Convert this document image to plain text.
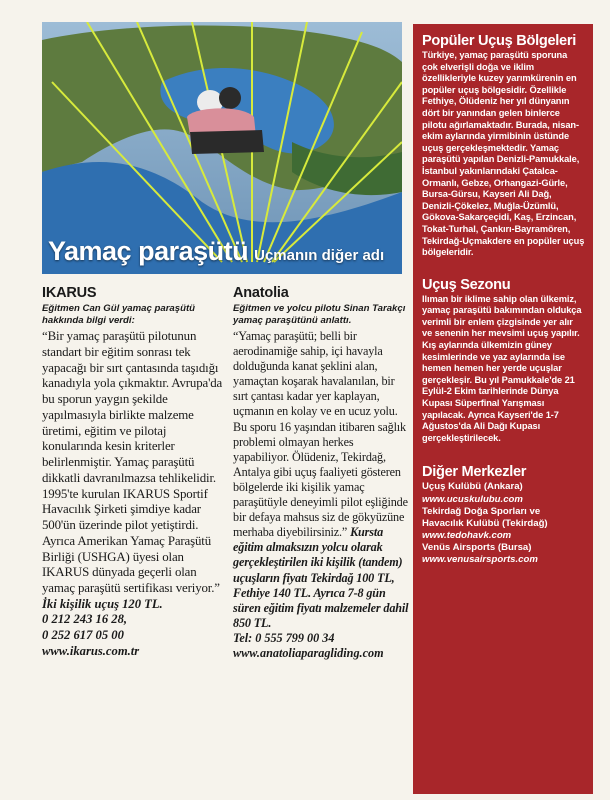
Yamaç paraşütü Uçmanın diğer adı
IKARUS
Eğitmen Can Gül yamaç paraşütü hakkında bilgi verdi:
“Bir yamaç paraşütü pilotunun standart bir eğitim sonrası tek yapacağı bir sırt çantasında taşıdığı kanadıyla yola çıkmaktır. Avrupa'da bu sporun yaygın şekilde yapılmasıyla birlikte malzeme üretimi, eğitim ve pilotaj konularında kesin kriterler belirlenmiştir. Yamaç paraşütü dikkatli davranılmazsa tehlikelidir. 1995'te kurulan IKARUS Sportif Havacılık Şirketi şimdiye kadar 500'ün üzerinde pilot yetiştirdi. Ayrıca Amerikan Yamaç Paraşütü Birliği (USHGA) üyesi olan IKARUS dünyada geçerli olan yamaç paraşütü sertifikası veriyor.”
İki kişilik uçuş 120 TL.
0 212 243 16 28,
0 252 617 05 00
www.ikarus.com.tr
Anatolia
Eğitmen ve yolcu pilotu Sinan Tarakçı yamaç paraşütünü anlattı.
“Yamaç paraşütü; belli bir aerodinamiğe sahip, içi havayla dolduğunda kanat şeklini alan, yamaçtan koşarak havalanılan, bir sırt çantası kadar yer kaplayan, uçmanın en kolay ve en ucuz yolu. Bu sporu 16 yaşından itibaren sağlık problemi olmayan herkes yapabiliyor. Ölüdeniz, Tekirdağ, Antalya gibi uçuş faaliyeti gösteren bölgelerde iki kişilik yamaç paraşütüyle deneyimli pilot eşliğinde bir defaya mahsus siz de gökyüzüne merhaba diyebilirsiniz.” Kursta eğitim almaksızın yolcu olarak gerçekleştirilen iki kişilik (tandem) uçuşların fiyatı Tekirdağ 100 TL, Fethiye 140 TL. Ayrıca 7-8 gün süren eğitim fiyatı malzemeler dahil 850 TL.
Tel: 0 555 799 00 34
www.anatoliaparagliding.com
Popüler Uçuş Bölgeleri
Türkiye, yamaç paraşütü sporuna çok elverişli doğa ve iklim özellikleriyle kuzey yarımkürenin en popüler uçuş bölgesidir. Özellikle Fethiye, Ölüdeniz her yıl dünyanın dört bir yanından gelen binlerce pilotu ağırlamaktadır. Burada, nisan-ekim aylarında yirmibinin üstünde uçuş gerçekleşmektedir. Yamaç paraşütü yapılan Denizli-Pamukkale, İstanbul yakınlarındaki Çatalca-Ormanlı, Gebze, Orhangazi-Gürle, Bursa-Gürsu, Kayseri Ali Dağ, Denizli-Çökelez, Muğla-Üzümlü, Gökova-Sakarçeçidi, Kaş, Erzincan, Tokat-Turhal, Çankırı-Bayramören, Tekirdağ-Uçmakdere en popüler uçuş bölgeleridir.
Uçuş Sezonu
Ilıman bir iklime sahip olan ülkemiz, yamaç paraşütü bakımından oldukça verimli bir enlem çizgisinde yer alır ve senenin her mevsimi uçuş yapılır. Kış aylarında ülkemizin güney kesimlerinde ve yaz aylarında ise hemen hemen her yerde uçuşlar gerçekleşir. Bu yıl Pamukkale'de 21 Eylül-2 Ekim tarihlerinde Dünya Kupası Süperfinal Yarışması yapılacak. Ayrıca Kayseri'de 1-7 Ağustos'da Ali Dağı Kupası gerçekleştirilecek.
Diğer Merkezler
Uçuş Kulübü (Ankara)
www.ucuskulubu.com
Tekirdağ Doğa Sporları ve
Havacılık Kulübü (Tekirdağ)
www.tedohavk.com
Venüs Airsports (Bursa)
www.venusairsports.com
